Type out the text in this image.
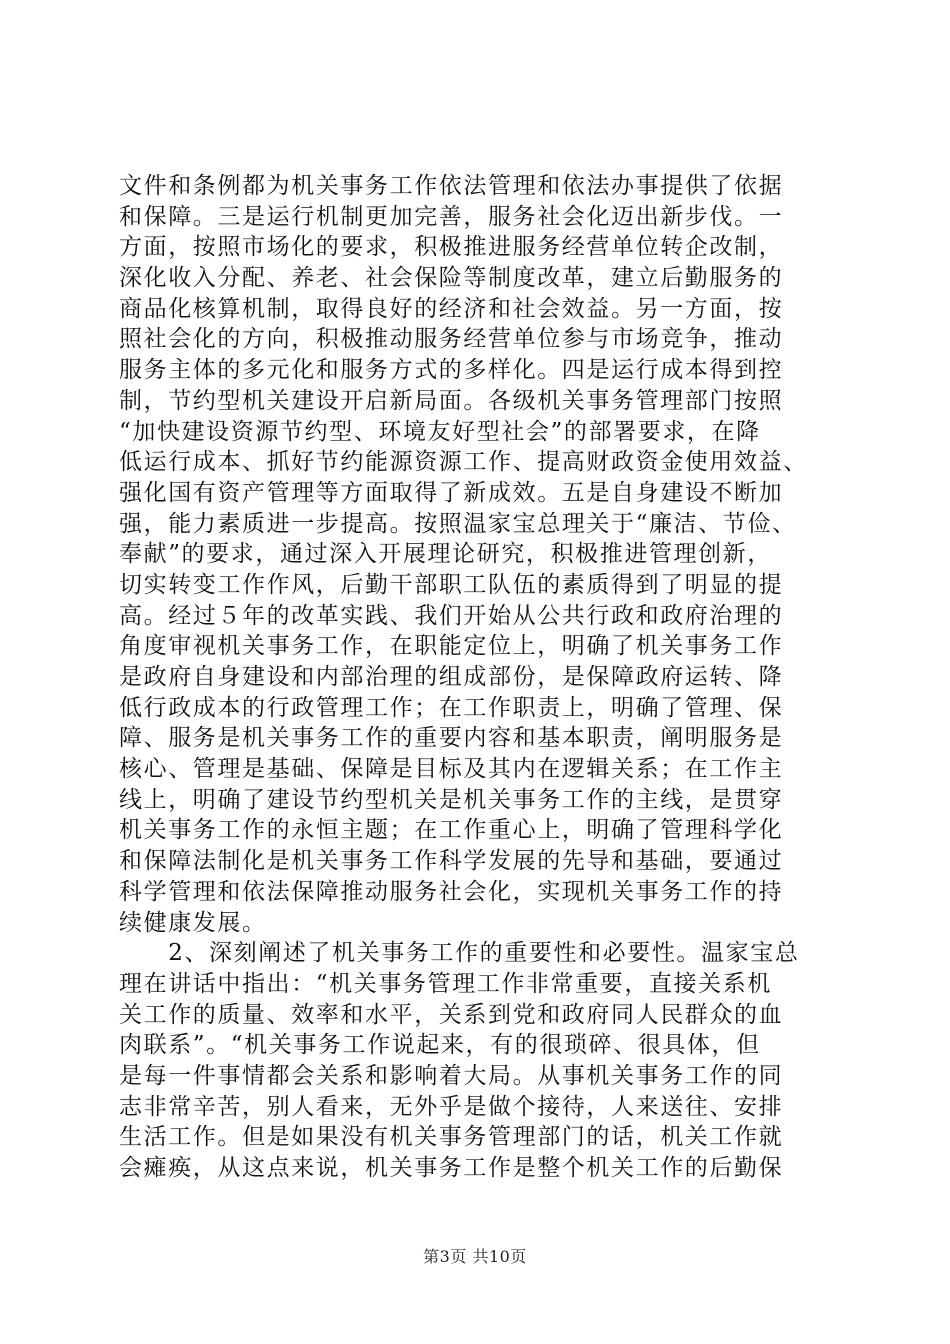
文件和条例都为机关事务工作依法管理和依法办事提供了依据
和保障。三是运行机制更加完善，服务社会化迈出新步伐。一
方面，按照市场化的要求，积极推进服务经营单位转企改制，
深化收入分配、养老、社会保险等制度改革，建立后勤服务的
商品化核算机制，取得良好的经济和社会效益。另一方面，按
照社会化的方向，积极推动服务经营单位参与市场竞争，推动
服务主体的多元化和服务方式的多样化。四是运行成本得到控
制，节约型机关建设开启新局面。各级机关事务管理部门按照
“加快建设资源节约型、环境友好型社会”的部署要求，在降
低运行成本、抓好节约能源资源工作、提高财政资金使用效益、
强化国有资产管理等方面取得了新成效。五是自身建设不断加
强，能力素质进一步提高。按照温家宝总理关于“廉洁、节俭、
奉献”的要求，通过深入开展理论研究，积极推进管理创新，
切实转变工作作风，后勤干部职工队伍的素质得到了明显的提
高。经过５年的改革实践、我们开始从公共行政和政府治理的
角度审视机关事务工作，在职能定位上，明确了机关事务工作
是政府自身建设和内部治理的组成部份，是保障政府运转、降
低行政成本的行政管理工作；在工作职责上，明确了管理、保
障、服务是机关事务工作的重要内容和基本职责，阐明服务是
核心、管理是基础、保障是目标及其内在逻辑关系；在工作主
线上，明确了建设节约型机关是机关事务工作的主线，是贯穿
机关事务工作的永恒主题；在工作重心上，明确了管理科学化
和保障法制化是机关事务工作科学发展的先导和基础，要通过
科学管理和依法保障推动服务社会化，实现机关事务工作的持
续健康发展。
　　2、深刻阐述了机关事务工作的重要性和必要性。温家宝总
理在讲话中指出：“机关事务管理工作非常重要，直接关系机
关工作的质量、效率和水平，关系到党和政府同人民群众的血
肉联系”。“机关事务工作说起来，有的很琐碎、很具体，但
是每一件事情都会关系和影响着大局。从事机关事务工作的同
志非常辛苦，别人看来，无外乎是做个接待，人来送往、安排
生活工作。但是如果没有机关事务管理部门的话，机关工作就
会瘫痪，从这点来说，机关事务工作是整个机关工作的后勤保
第3页 共10页
